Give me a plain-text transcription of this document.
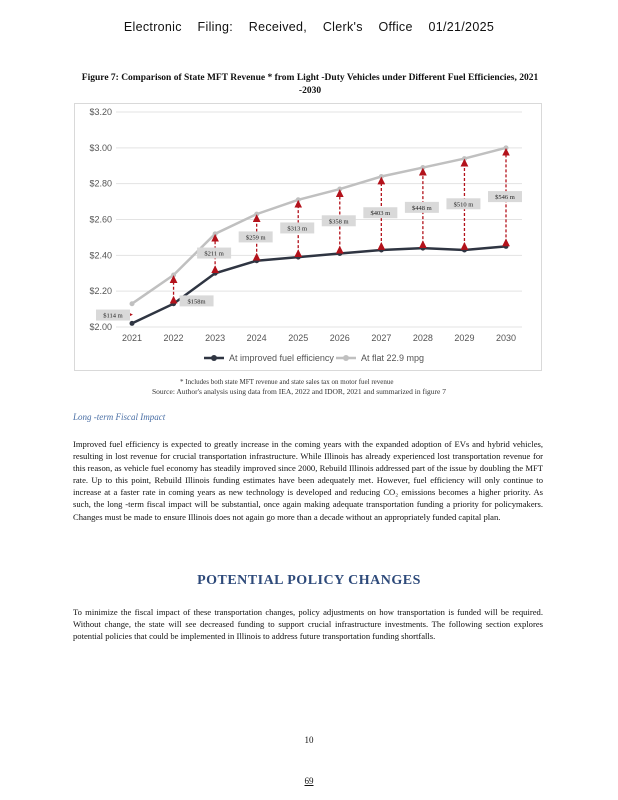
Electronic Filing: Received, Clerk's Office 01/21/2025
Figure 7: Comparison of State MFT Revenue * from Light -Duty Vehicles under Different Fuel Efficiencies, 2021 -2030
$2.00
$2.20
$2.40
$2.60
$2.80
$3.00
$3.20
2021 2022 2023 2024 2025 2026 2027 2028 2029 2030
$114 m
$158m
$211 m
$259 m
$313 m
$358 m
$403 m
$448 m
$510 m
$546 m
At improved fuel efficiency	At flat 22.9 mpg
* Includes both state MFT revenue and state sales tax on motor fuel revenue
Source: Author's analysis using data from IEA, 2022 and IDOR, 2021 and summarized in figure 7
Long -term Fiscal Impact
Improved fuel efficiency is expected to greatly increase in the coming years with the expanded adoption of EVs and hybrid vehicles, resulting in lost revenue for crucial transportation infrastructure. While Illinois has already experienced lost transportation revenue for this reason, as vehicle fuel economy has steadily improved since 2000, Rebuild Illinois addressed part of the issue by doubling the MFT rate. Up to this point, Rebuild Illinois funding estimates have been adequately met. However, fuel efficiency will only continue to increase at a faster rate in coming years as new technology is developed and reducing CO₂ emissions becomes a higher priority. As such, the long -term fiscal impact will be substantial, once again making adequate transportation funding a priority for policymakers. Changes must be made to ensure Illinois does not again go more than a decade without an appropriately funded capital plan.
POTENTIAL POLICY CHANGES
To minimize the fiscal impact of these transportation changes, policy adjustments on how transportation is funded will be required. Without change, the state will see decreased funding to support crucial infrastructure investments. The following section explores potential policies that could be implemented in Illinois to address future transportation funding shortfalls.
10
69
